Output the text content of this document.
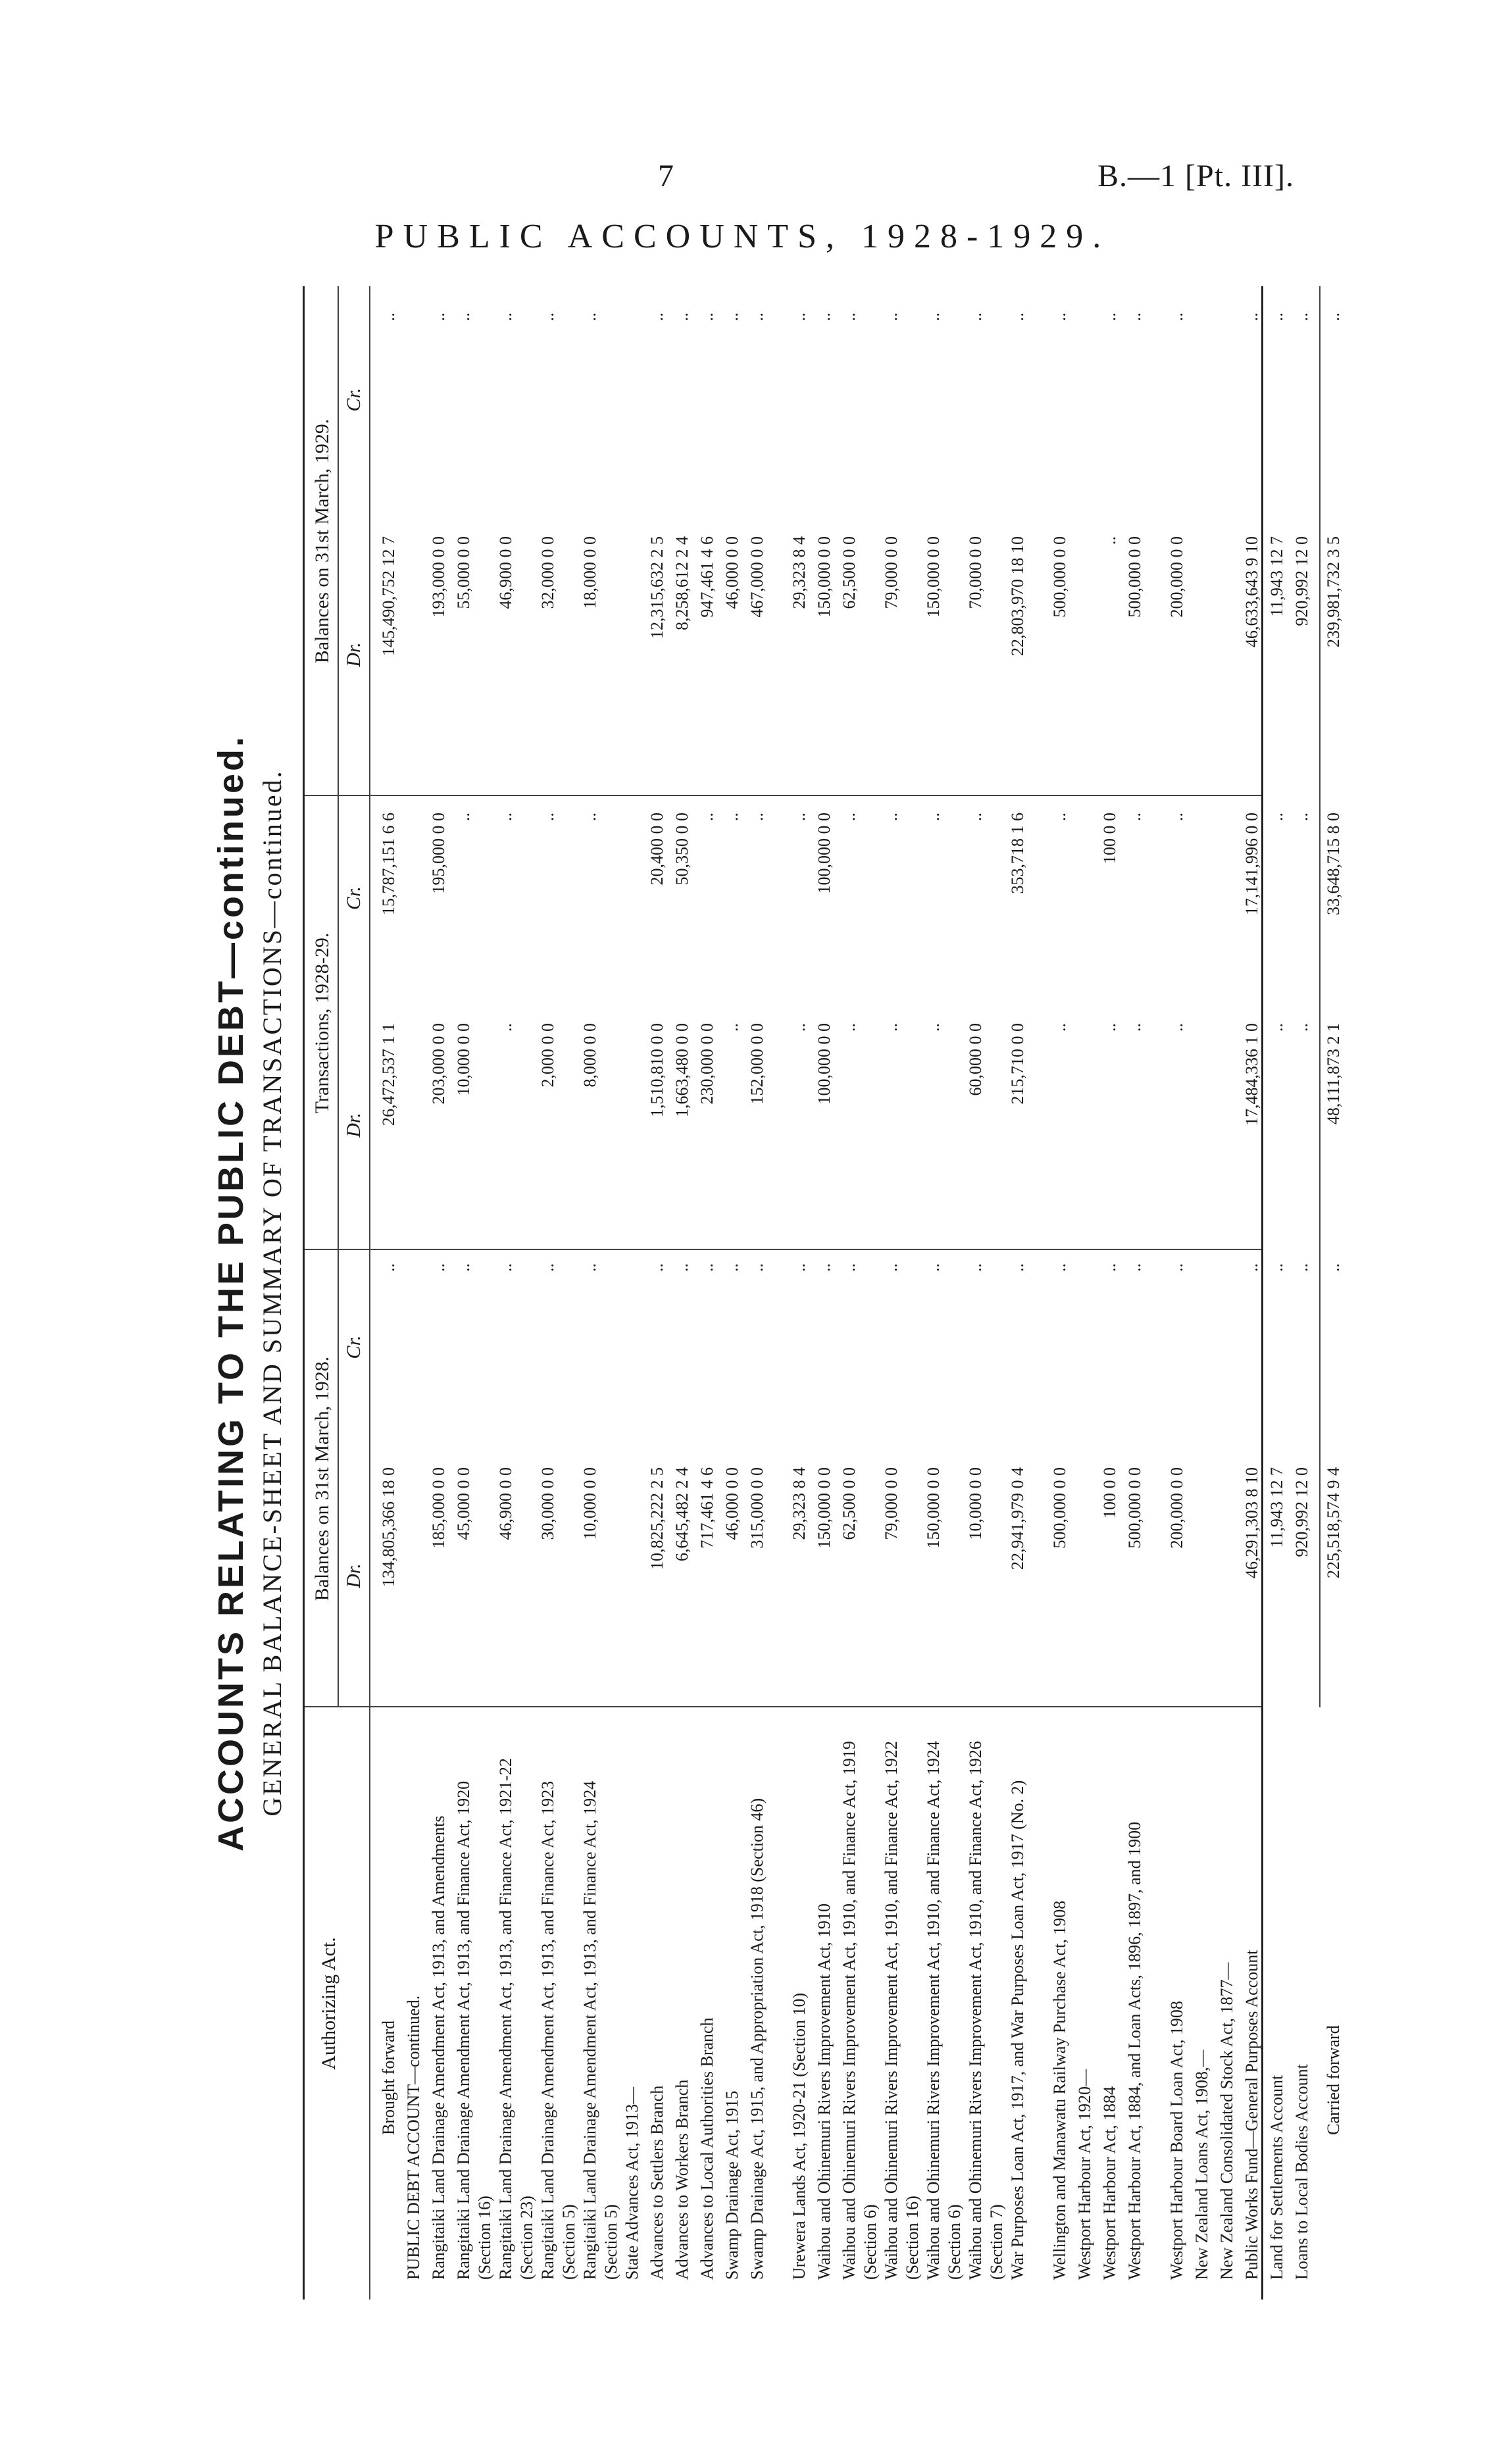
7	B.—1 [Pt. III].
PUBLIC ACCOUNTS, 1928-1929.
ACCOUNTS RELATING TO THE PUBLIC DEBT—continued. GENERAL BALANCE-SHEET AND SUMMARY OF TRANSACTIONS—continued.
Authorizing Act.
Balances on 31st March, 1928.
Transactions, 1928-29.
Balances on 31st March, 1929.
Dr.
Cr.
Dr.
Cr.
Dr.
Cr.
Brought forward
134,805,366 18 0
..
26,472,537 1 1
15,787,151 6 6
145,490,752 12 7
..
PUBLIC DEBT ACCOUNT—continued. Rangitaiki Land Drainage Amendment Act, 1913, and Amendments
185,000 0 0
..
203,000 0 0
195,000 0 0
193,000 0 0
..
Rangitaiki Land Drainage Amendment Act, 1913, and Finance Act, 1920 (Section 16)
45,000 0 0
..
10,000 0 0
..
55,000 0 0
..
Rangitaiki Land Drainage Amendment Act, 1913, and Finance Act, 1921-22 (Section 23)
46,900 0 0
..
..
..
46,900 0 0
..
Rangitaiki Land Drainage Amendment Act, 1913, and Finance Act, 1923 (Section 5)
30,000 0 0
..
2,000 0 0
..
32,000 0 0
..
Rangitaiki Land Drainage Amendment Act, 1913, and Finance Act, 1924 (Section 5)
10,000 0 0
..
8,000 0 0
..
18,000 0 0
..
State Advances Act, 1913— Advances to Settlers Branch
10,825,222 2 5
..
1,510,810 0 0
20,400 0 0
12,315,632 2 5
..
Advances to Workers Branch
6,645,482 2 4
..
1,663,480 0 0
50,350 0 0
8,258,612 2 4
..
Advances to Local Authorities Branch
717,461 4 6
..
230,000 0 0
..
947,461 4 6
..
Swamp Drainage Act, 1915
46,000 0 0
..
..
..
46,000 0 0
..
Swamp Drainage Act, 1915, and Appropriation Act, 1918 (Section 46)
315,000 0 0
..
152,000 0 0
..
467,000 0 0
..
Urewera Lands Act, 1920-21 (Section 10)
29,323 8 4
..
..
..
29,323 8 4
..
Waihou and Ohinemuri Rivers Improvement Act, 1910
150,000 0 0
..
100,000 0 0
100,000 0 0
150,000 0 0
..
Waihou and Ohinemuri Rivers Improvement Act, 1910, and Finance Act, 1919 (Section 6)
62,500 0 0
..
..
..
62,500 0 0
..
Waihou and Ohinemuri Rivers Improvement Act, 1910, and Finance Act, 1922 (Section 16)
79,000 0 0
..
..
..
79,000 0 0
..
Waihou and Ohinemuri Rivers Improvement Act, 1910, and Finance Act, 1924 (Section 6)
150,000 0 0
..
..
..
150,000 0 0
..
Waihou and Ohinemuri Rivers Improvement Act, 1910, and Finance Act, 1926 (Section 7)
10,000 0 0
..
60,000 0 0
..
70,000 0 0
..
War Purposes Loan Act, 1917, and War Purposes Loan Act, 1917 (No. 2)
22,941,979 0 4
..
215,710 0 0
353,718 1 6
22,803,970 18 10
..
Wellington and Manawatu Railway Purchase Act, 1908
500,000 0 0
..
..
..
500,000 0 0
..
Westport Harbour Act, 1920— Westport Harbour Act, 1884
100 0 0
..
..
100 0 0
..
..
Westport Harbour Act, 1884, and Loan Acts, 1896, 1897, and 1900
500,000 0 0
..
..
..
500,000 0 0
..
Westport Harbour Board Loan Act, 1908
200,000 0 0
..
..
..
200,000 0 0
..
New Zealand Loans Act, 1908,— New Zealand Consolidated Stock Act, 1877— Public Works Fund—General Purposes Account
46,291,303 8 10
..
17,484,336 1 0
17,141,996 0 0
46,633,643 9 10
..
Land for Settlements Account
11,943 12 7
..
..
..
11,943 12 7
..
Loans to Local Bodies Account
920,992 12 0
..
..
..
920,992 12 0
..
Carried forward
225,518,574 9 4
..
48,111,873 2 1
33,648,715 8 0
239,981,732 3 5
..
